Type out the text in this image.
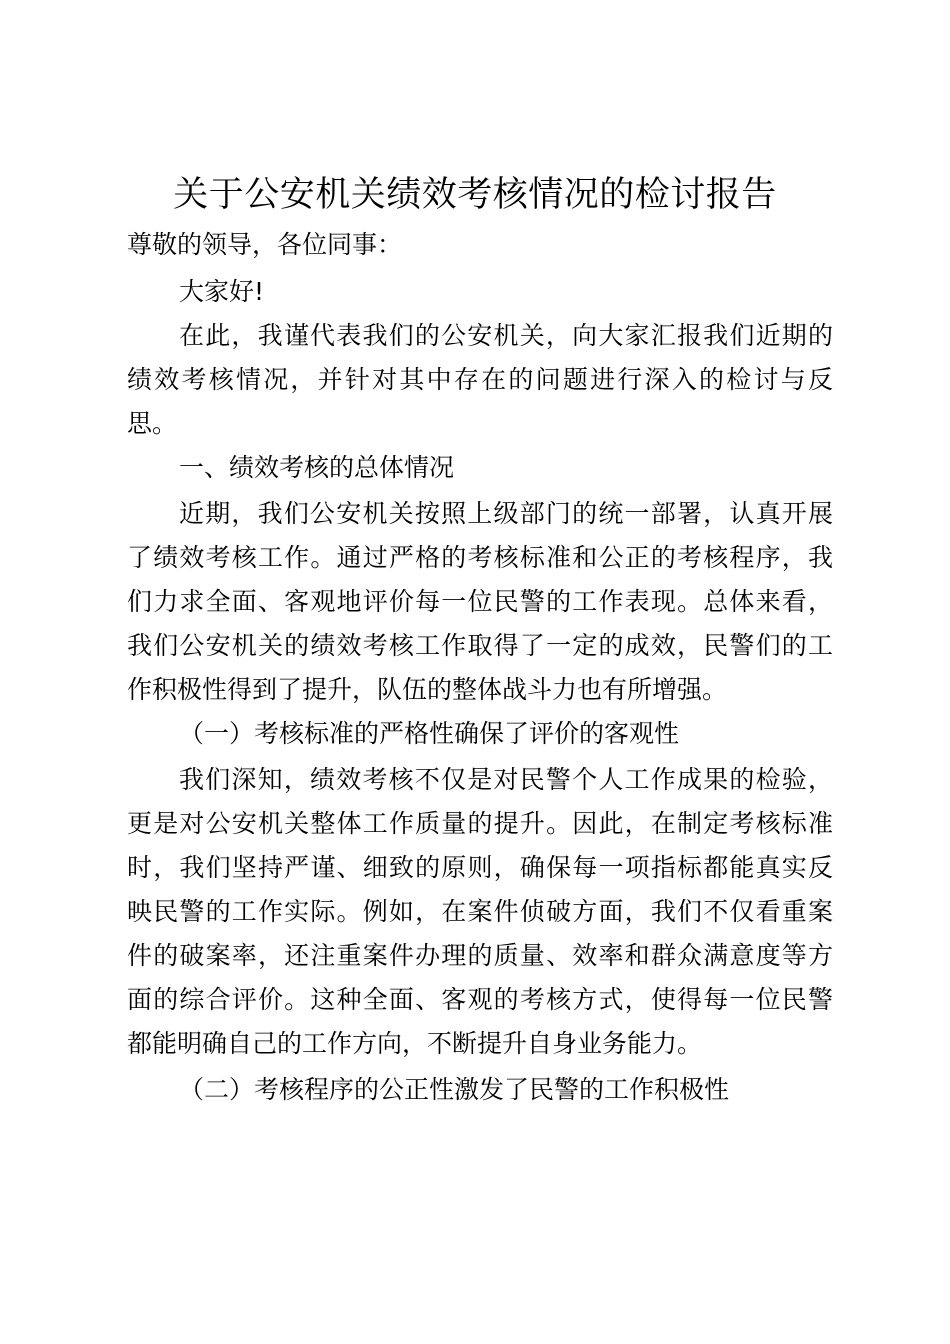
关于公安机关绩效考核情况的检讨报告

尊敬的领导，各位同事：

大家好!

在此，我谨代表我们的公安机关，向大家汇报我们近期的

绩效考核情况，并针对其中存在的问题进行深入的检讨与反

思。

一、绩效考核的总体情况

近期，我们公安机关按照上级部门的统一部署，认真开展

了绩效考核工作。通过严格的考核标准和公正的考核程序，我

们力求全面、客观地评价每一位民警的工作表现。总体来看，

我们公安机关的绩效考核工作取得了一定的成效，民警们的工

作积极性得到了提升，队伍的整体战斗力也有所增强。

（一）考核标准的严格性确保了评价的客观性

我们深知，绩效考核不仅是对民警个人工作成果的检验，

更是对公安机关整体工作质量的提升。因此，在制定考核标准

时，我们坚持严谨、细致的原则，确保每一项指标都能真实反

映民警的工作实际。例如，在案件侦破方面，我们不仅看重案

件的破案率，还注重案件办理的质量、效率和群众满意度等方

面的综合评价。这种全面、客观的考核方式，使得每一位民警

都能明确自己的工作方向，不断提升自身业务能力。

（二）考核程序的公正性激发了民警的工作积极性
